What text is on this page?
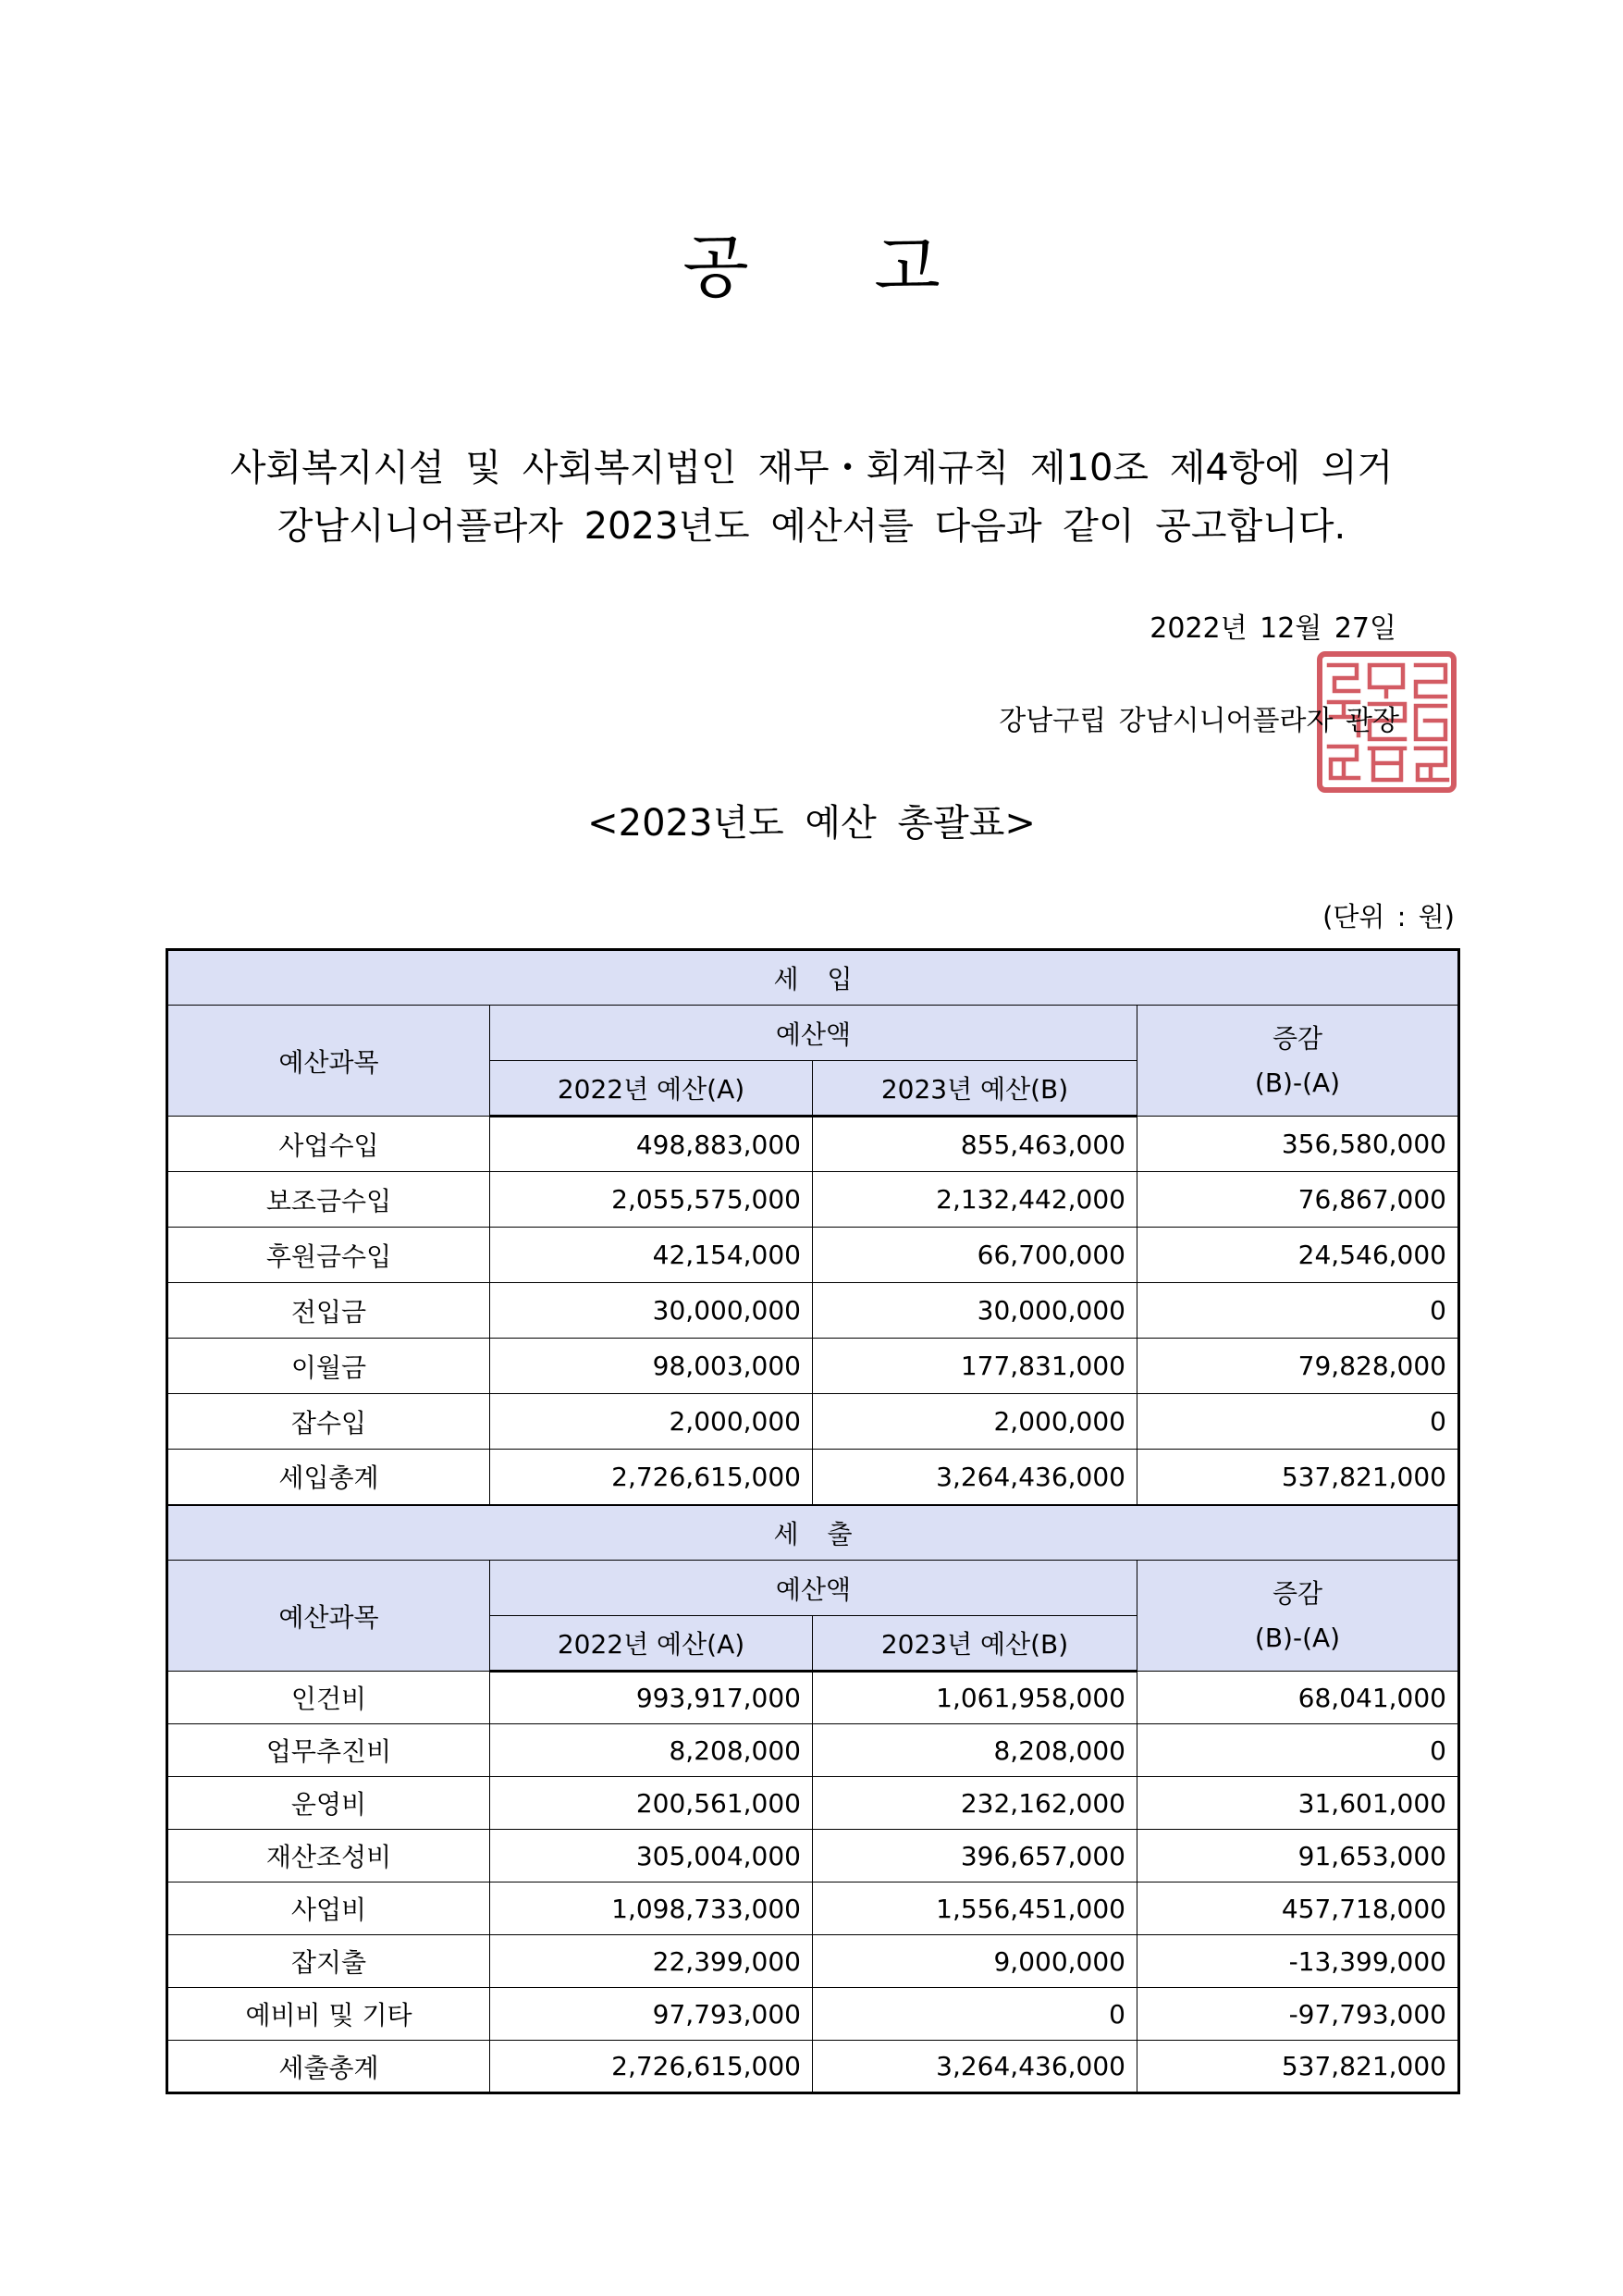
공 고
사회복지시설 및 사회복지법인 재무・회계규칙 제10조 제4항에 의거
강남시니어플라자 2023년도 예산서를 다음과 같이 공고합니다.
2022년 12월 27일
강남구립 강남시니어플라자 관장
<2023년도 예산 총괄표>
(단위 : 원)
세 입			
예산과목	예산액		증감
(B)-(A)

	2022년 예산(A)	2023년 예산(B)	
사업수입	498,883,000	855,463,000	356,580,000
보조금수입	2,055,575,000	2,132,442,000	76,867,000
후원금수입	42,154,000	66,700,000	24,546,000
전입금	30,000,000	30,000,000	0
이월금	98,003,000	177,831,000	79,828,000
잡수입	2,000,000	2,000,000	0
세입총계	2,726,615,000	3,264,436,000	537,821,000
세 출			
예산과목	예산액		증감
(B)-(A)

	2022년 예산(A)	2023년 예산(B)	
인건비	993,917,000	1,061,958,000	68,041,000
업무추진비	8,208,000	8,208,000	0
운영비	200,561,000	232,162,000	31,601,000
재산조성비	305,004,000	396,657,000	91,653,000
사업비	1,098,733,000	1,556,451,000	457,718,000
잡지출	22,399,000	9,000,000	-13,399,000
예비비 및 기타	97,793,000	0	-97,793,000
세출총계	2,726,615,000	3,264,436,000	537,821,000
